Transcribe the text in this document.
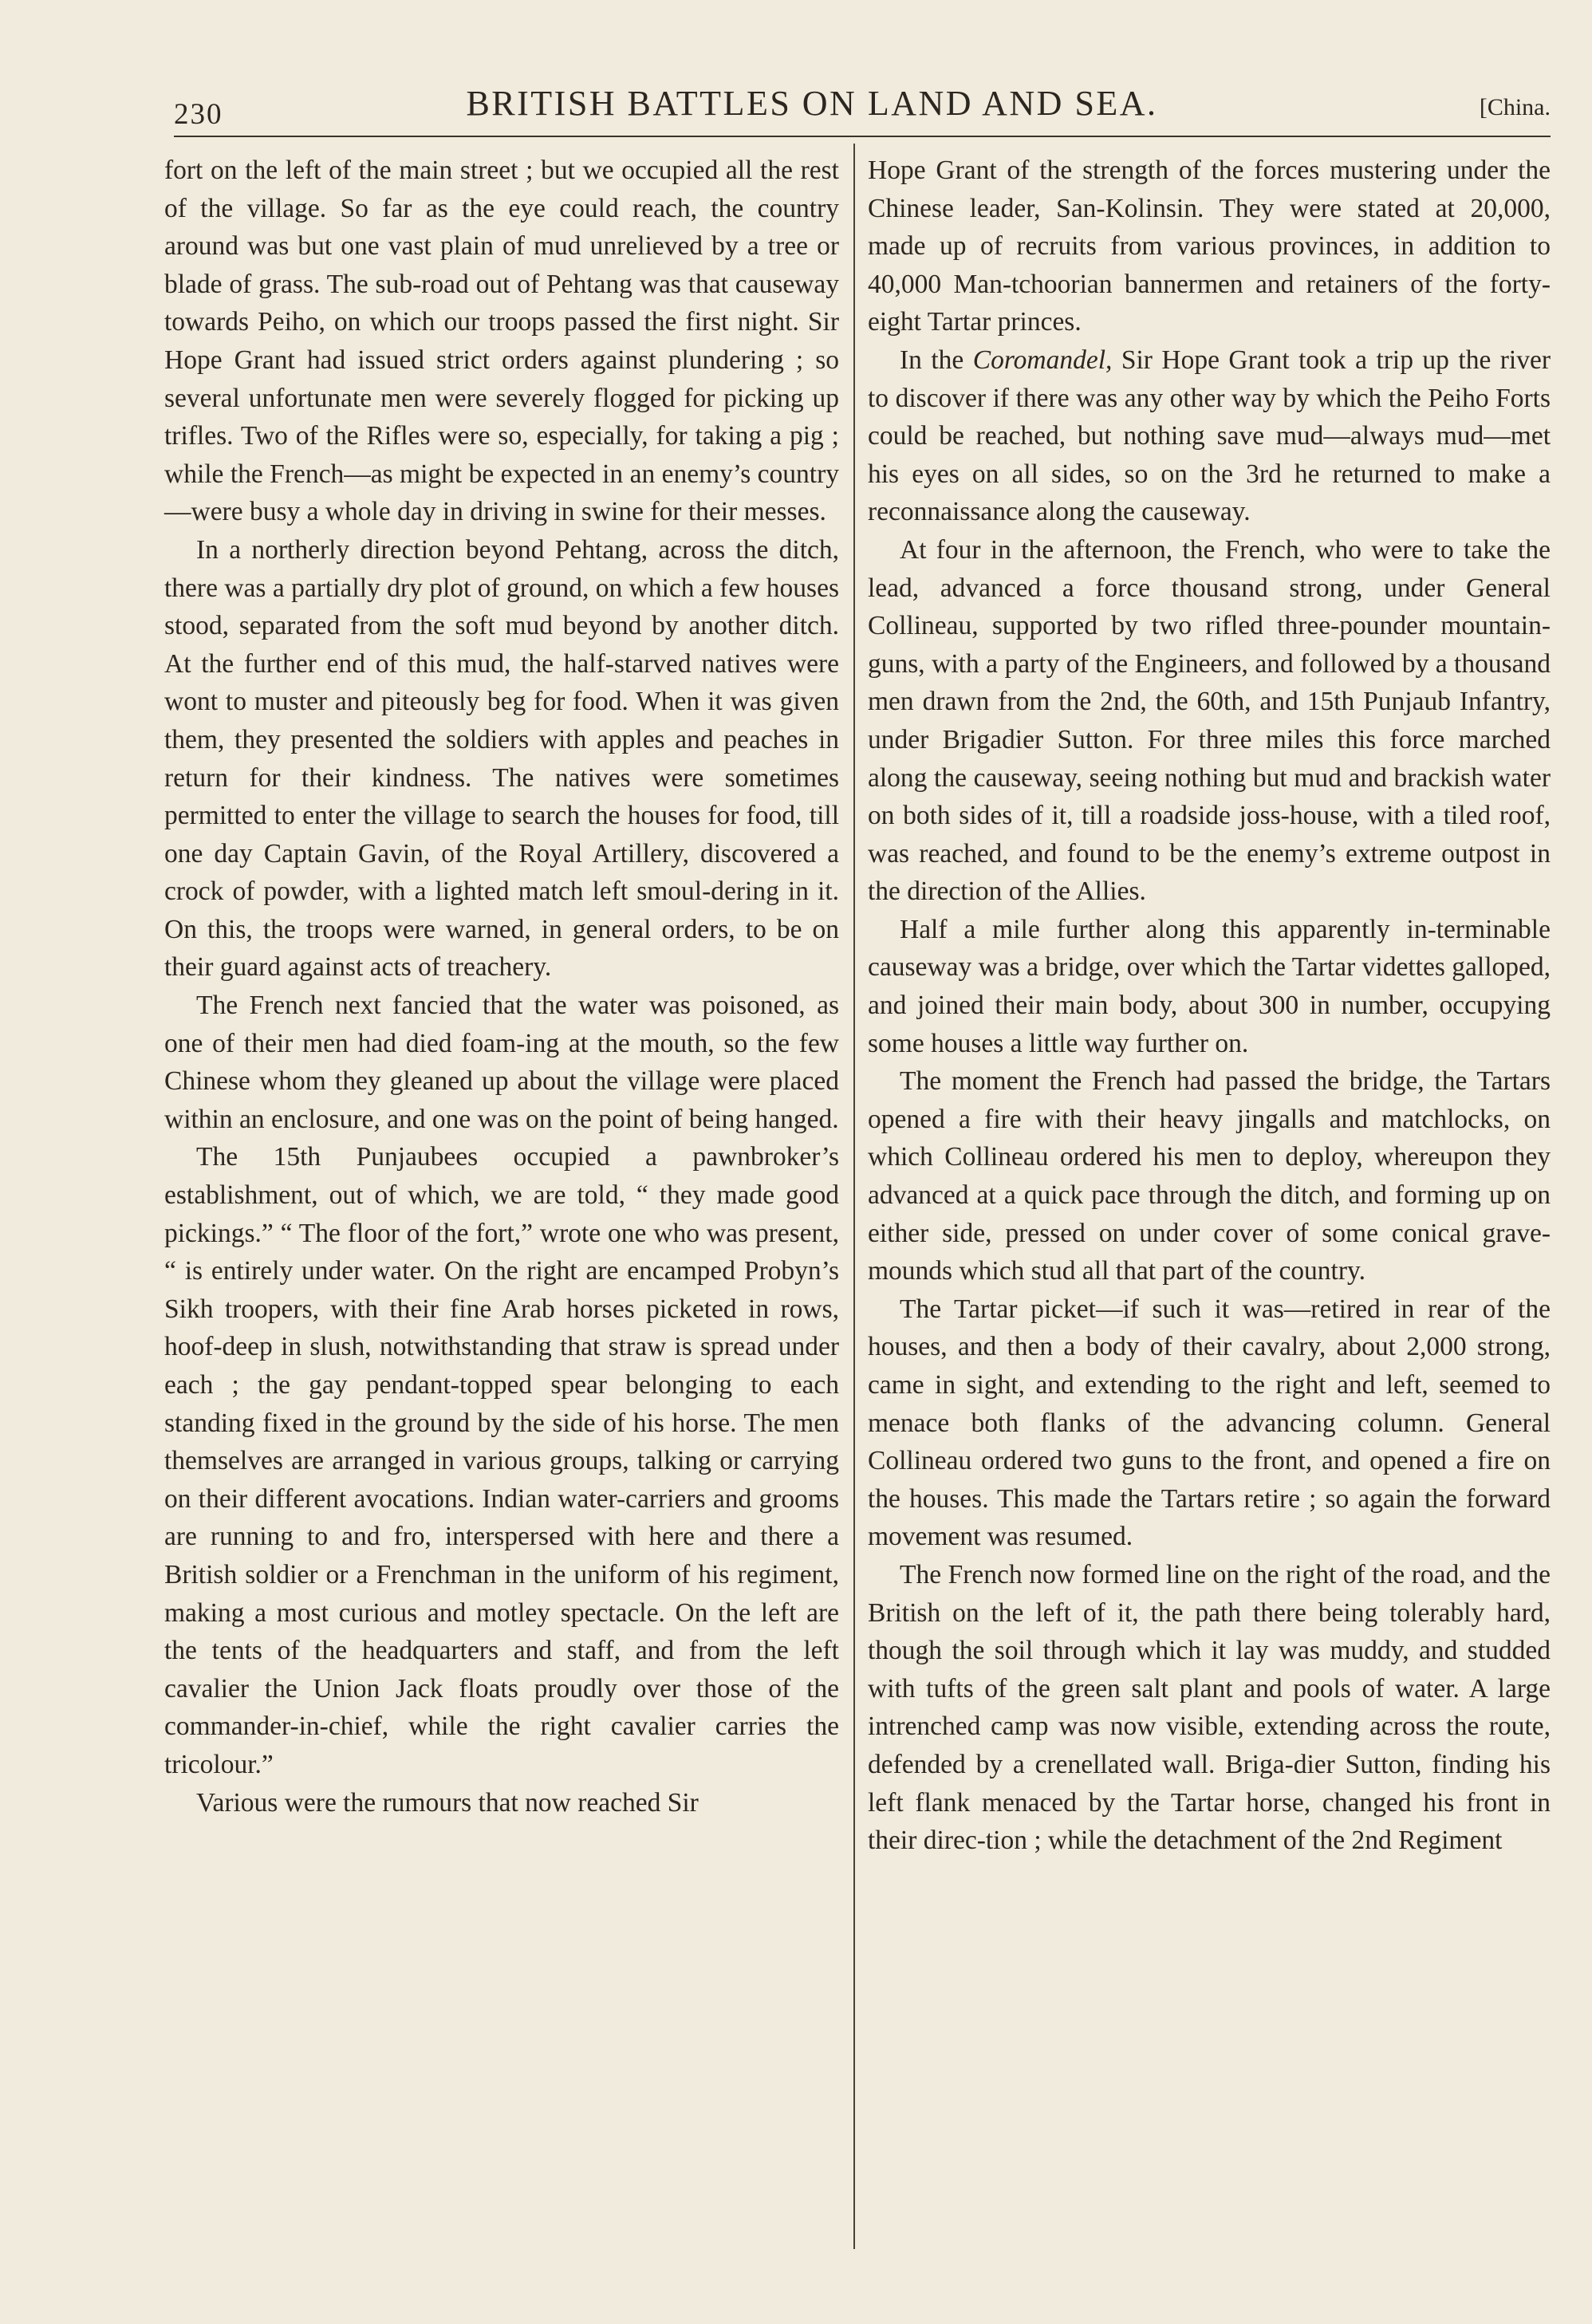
230	BRITISH BATTLES ON LAND AND SEA.	[China.

fort on the left of the main street ; but we occupied all the rest of the village. So far as the eye could reach, the country around was but one vast plain of mud unrelieved by a tree or blade of grass. The sub-road out of Pehtang was that causeway towards Peiho, on which our troops passed the first night. Sir Hope Grant had issued strict orders against plundering ; so several unfortunate men were severely flogged for picking up trifles. Two of the Rifles were so, especially, for taking a pig ; while the French—as might be expected in an enemy’s country—were busy a whole day in driving in swine for their messes.

In a northerly direction beyond Pehtang, across the ditch, there was a partially dry plot of ground, on which a few houses stood, separated from the soft mud beyond by another ditch. At the further end of this mud, the half-starved natives were wont to muster and piteously beg for food. When it was given them, they presented the soldiers with apples and peaches in return for their kindness. The natives were sometimes permitted to enter the village to search the houses for food, till one day Captain Gavin, of the Royal Artillery, discovered a crock of powder, with a lighted match left smoul-dering in it. On this, the troops were warned, in general orders, to be on their guard against acts of treachery.

The French next fancied that the water was poisoned, as one of their men had died foam-ing at the mouth, so the few Chinese whom they gleaned up about the village were placed within an enclosure, and one was on the point of being hanged.

The 15th Punjaubees occupied a pawnbroker’s establishment, out of which, we are told, “ they made good pickings.” “ The floor of the fort,” wrote one who was present, “ is entirely under water. On the right are encamped Probyn’s Sikh troopers, with their fine Arab horses picketed in rows, hoof-deep in slush, notwithstanding that straw is spread under each ; the gay pendant-topped spear belonging to each standing fixed in the ground by the side of his horse. The men themselves are arranged in various groups, talking or carrying on their different avocations. Indian water-carriers and grooms are running to and fro, interspersed with here and there a British soldier or a Frenchman in the uniform of his regiment, making a most curious and motley spectacle. On the left are the tents of the headquarters and staff, and from the left cavalier the Union Jack floats proudly over those of the commander-in-chief, while the right cavalier carries the tricolour.”

Various were the rumours that now reached Sir

Hope Grant of the strength of the forces mustering under the Chinese leader, San-Kolinsin. They were stated at 20,000, made up of recruits from various provinces, in addition to 40,000 Man-tchoorian bannermen and retainers of the forty-eight Tartar princes.

In the Coromandel, Sir Hope Grant took a trip up the river to discover if there was any other way by which the Peiho Forts could be reached, but nothing save mud—always mud—met his eyes on all sides, so on the 3rd he returned to make a reconnaissance along the causeway.

At four in the afternoon, the French, who were to take the lead, advanced a force thousand strong, under General Collineau, supported by two rifled three-pounder mountain-guns, with a party of the Engineers, and followed by a thousand men drawn from the 2nd, the 60th, and 15th Punjaub Infantry, under Brigadier Sutton. For three miles this force marched along the causeway, seeing nothing but mud and brackish water on both sides of it, till a roadside joss-house, with a tiled roof, was reached, and found to be the enemy’s extreme outpost in the direction of the Allies.

Half a mile further along this apparently in-terminable causeway was a bridge, over which the Tartar videttes galloped, and joined their main body, about 300 in number, occupying some houses a little way further on.

The moment the French had passed the bridge, the Tartars opened a fire with their heavy jingalls and matchlocks, on which Collineau ordered his men to deploy, whereupon they advanced at a quick pace through the ditch, and forming up on either side, pressed on under cover of some conical grave-mounds which stud all that part of the country.

The Tartar picket—if such it was—retired in rear of the houses, and then a body of their cavalry, about 2,000 strong, came in sight, and extending to the right and left, seemed to menace both flanks of the advancing column. General Collineau ordered two guns to the front, and opened a fire on the houses. This made the Tartars retire ; so again the forward movement was resumed.

The French now formed line on the right of the road, and the British on the left of it, the path there being tolerably hard, though the soil through which it lay was muddy, and studded with tufts of the green salt plant and pools of water. A large intrenched camp was now visible, extending across the route, defended by a crenellated wall. Briga-dier Sutton, finding his left flank menaced by the Tartar horse, changed his front in their direc-tion ; while the detachment of the 2nd Regiment
